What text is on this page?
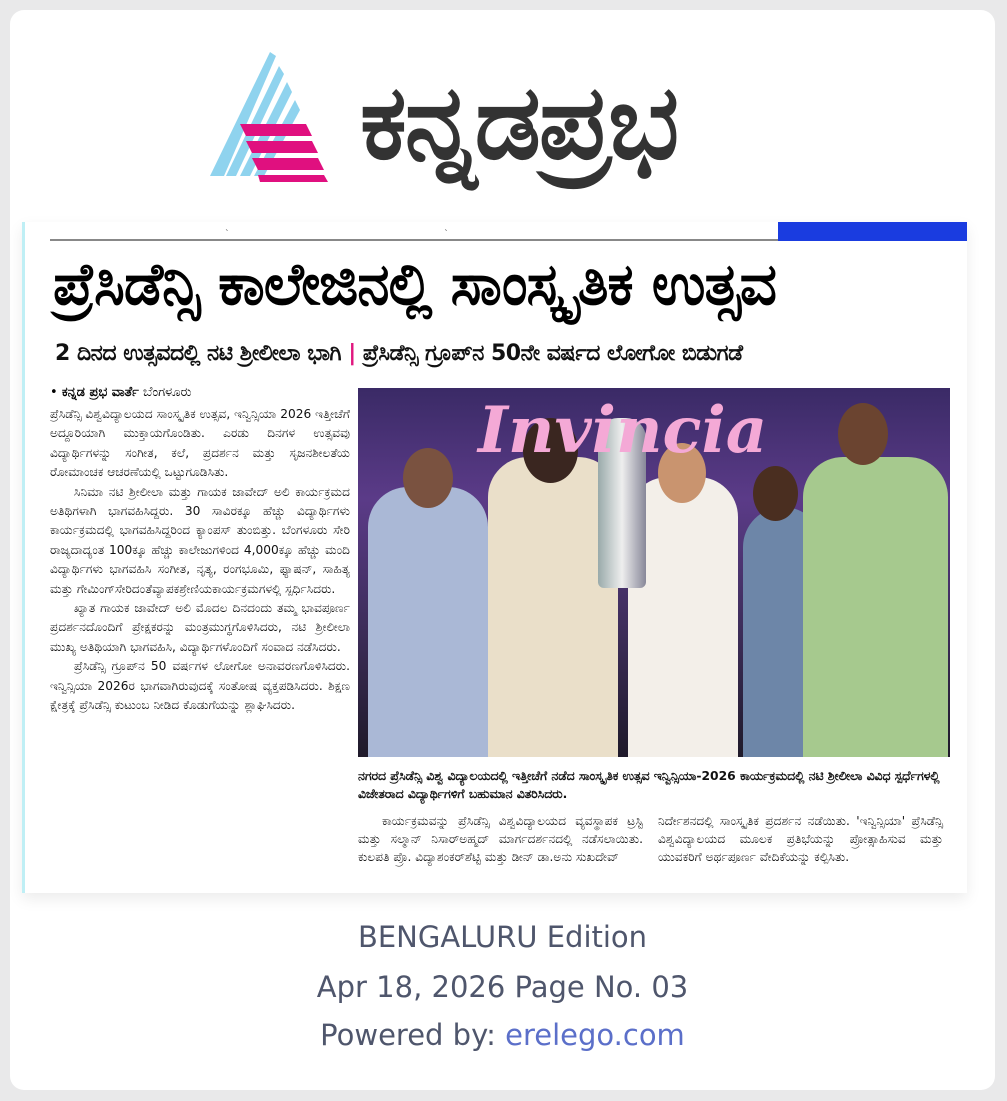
ಕನ್ನಡಪ್ರಭ
ˎ                                                                           ˎ
ಪ್ರೆಸಿಡೆನ್ಸಿ ಕಾಲೇಜಿನಲ್ಲಿ ಸಾಂಸ್ಕೃತಿಕ ಉತ್ಸವ
2 ದಿನದ ಉತ್ಸವದಲ್ಲಿ ನಟಿ ಶ್ರೀಲೀಲಾ ಭಾಗಿ | ಪ್ರೆಸಿಡೆನ್ಸಿ ಗ್ರೂಪ್‌ನ 50ನೇ ವರ್ಷದ ಲೋಗೋ ಬಿಡುಗಡೆ
• ಕನ್ನಡ ಪ್ರಭ ವಾರ್ತೆ ಬೆಂಗಳೂರು

ಪ್ರೆಸಿಡೆನ್ಸಿ ವಿಶ್ವವಿದ್ಯಾಲಯದ ಸಾಂಸ್ಕೃತಿಕ ಉತ್ಸವ, ಇನ್ವಿನ್ಸಿಯಾ 2026 ಇತ್ತೀಚೆಗೆ ಅದ್ದೂರಿಯಾಗಿ ಮುಕ್ತಾಯಗೊಂಡಿತು. ಎರಡು ದಿನಗಳ ಉತ್ಸವವು ವಿದ್ಯಾರ್ಥಿಗಳನ್ನು ಸಂಗೀತ, ಕಲೆ, ಪ್ರದರ್ಶನ ಮತ್ತು ಸೃಜನಶೀಲತೆಯ ರೋಮಾಂಚಕ ಆಚರಣೆಯಲ್ಲಿ ಒಟ್ಟುಗೂಡಿಸಿತು.

ಸಿನಿಮಾ ನಟಿ ಶ್ರೀಲೀಲಾ ಮತ್ತು ಗಾಯಕ ಜಾವೇದ್ ಅಲಿ ಕಾರ್ಯಕ್ರಮದ ಅತಿಥಿಗಳಾಗಿ ಭಾಗವಹಿಸಿದ್ದರು. 30 ಸಾವಿರಕ್ಕೂ ಹೆಚ್ಚು ವಿದ್ಯಾರ್ಥಿಗಳು ಕಾರ್ಯಕ್ರಮದಲ್ಲಿ ಭಾಗವಹಿಸಿದ್ದರಿಂದ ಕ್ಯಾಂಪಸ್ ತುಂಬಿತ್ತು. ಬೆಂಗಳೂರು ಸೇರಿ ರಾಜ್ಯದಾದ್ಯಂತ 100ಕ್ಕೂ ಹೆಚ್ಚು ಕಾಲೇಜುಗಳಿಂದ 4,000ಕ್ಕೂ ಹೆಚ್ಚು ಮಂದಿ ವಿದ್ಯಾರ್ಥಿಗಳು ಭಾಗವಹಿಸಿ ಸಂಗೀತ, ನೃತ್ಯ, ರಂಗಭೂಮಿ, ಫ್ಯಾಷನ್, ಸಾಹಿತ್ಯ ಮತ್ತು ಗೇಮಿಂಗ್‌ಸೇರಿದಂತೆವ್ಯಾಪಕಶ್ರೇಣಿಯಕಾರ್ಯಕ್ರಮಗಳಲ್ಲಿ ಸ್ಪರ್ಧಿಸಿದರು.

ಖ್ಯಾತ ಗಾಯಕ ಜಾವೇದ್ ಅಲಿ ಮೊದಲ ದಿನದಂದು ತಮ್ಮ ಭಾವಪೂರ್ಣ ಪ್ರದರ್ಶನದೊಂದಿಗೆ ಪ್ರೇಕ್ಷಕರನ್ನು ಮಂತ್ರಮುಗ್ಧಗೊಳಿಸಿದರು, ನಟಿ ಶ್ರೀಲೀಲಾ ಮುಖ್ಯ ಅತಿಥಿಯಾಗಿ ಭಾಗವಹಿಸಿ, ವಿದ್ಯಾರ್ಥಿಗಳೊಂದಿಗೆ ಸಂವಾದ ನಡೆಸಿದರು.

ಪ್ರೆಸಿಡೆನ್ಸಿ ಗ್ರೂಪ್‌ನ 50 ವರ್ಷಗಳ ಲೋಗೋ ಅನಾವರಣಗೊಳಿಸಿದರು. ಇನ್ವಿನ್ಸಿಯಾ 2026ರ ಭಾಗವಾಗಿರುವುದಕ್ಕೆ ಸಂತೋಷ ವ್ಯಕ್ತಪಡಿಸಿದರು. ಶಿಕ್ಷಣ ಕ್ಷೇತ್ರಕ್ಕೆ ಪ್ರೆಸಿಡೆನ್ಸಿ ಕುಟುಂಬ ನೀಡಿದ ಕೊಡುಗೆಯನ್ನು ಶ್ಲಾಘಿಸಿದರು.

Invincia
ನಗರದ ಪ್ರೆಸಿಡೆನ್ಸಿ ವಿಶ್ವ ವಿದ್ಯಾಲಯದಲ್ಲಿ ಇತ್ತೀಚೆಗೆ ನಡೆದ ಸಾಂಸ್ಕೃತಿಕ ಉತ್ಸವ ಇನ್ವಿನ್ಸಿಯಾ-2026 ಕಾರ್ಯಕ್ರಮದಲ್ಲಿ ನಟಿ ಶ್ರೀಲೀಲಾ ವಿವಿಧ ಸ್ಪರ್ಧೆಗಳಲ್ಲಿ ವಿಜೇತರಾದ ವಿದ್ಯಾರ್ಥಿಗಳಿಗೆ ಬಹುಮಾನ ವಿತರಿಸಿದರು.
ಕಾರ್ಯಕ್ರಮವನ್ನು ಪ್ರೆಸಿಡೆನ್ಸಿ ವಿಶ್ವವಿದ್ಯಾಲಯದ ವ್ಯವಸ್ಥಾಪಕ ಟ್ರಸ್ಟಿ ಮತ್ತು ಸಲ್ಮಾನ್ ನಿಸಾರ್‌ಅಹ್ಮದ್ ಮಾರ್ಗದರ್ಶನದಲ್ಲಿ ನಡೆಸಲಾಯಿತು. ಕುಲಪತಿ ಪ್ರೊ. ವಿದ್ಯಾಶಂಕರ್‌ಶೆಟ್ಟಿ ಮತ್ತು ಡೀನ್ ಡಾ.ಅನು ಸುಖದೇವ್
ನಿರ್ದೇಶನದಲ್ಲಿ ಸಾಂಸ್ಕೃತಿಕ ಪ್ರದರ್ಶನ ನಡೆಯಿತು. 'ಇನ್ವಿನ್ಸಿಯಾ' ಪ್ರೆಸಿಡೆನ್ಸಿ ವಿಶ್ವವಿದ್ಯಾಲಯದ ಮೂಲಕ ಪ್ರತಿಭೆಯನ್ನು ಪ್ರೋತ್ಸಾಹಿಸುವ ಮತ್ತು ಯುವಕರಿಗೆ ಅರ್ಥಪೂರ್ಣ ವೇದಿಕೆಯನ್ನು ಕಲ್ಪಿಸಿತು.
BENGALURU Edition
Apr 18, 2026 Page No. 03
Powered by: erelego.com
